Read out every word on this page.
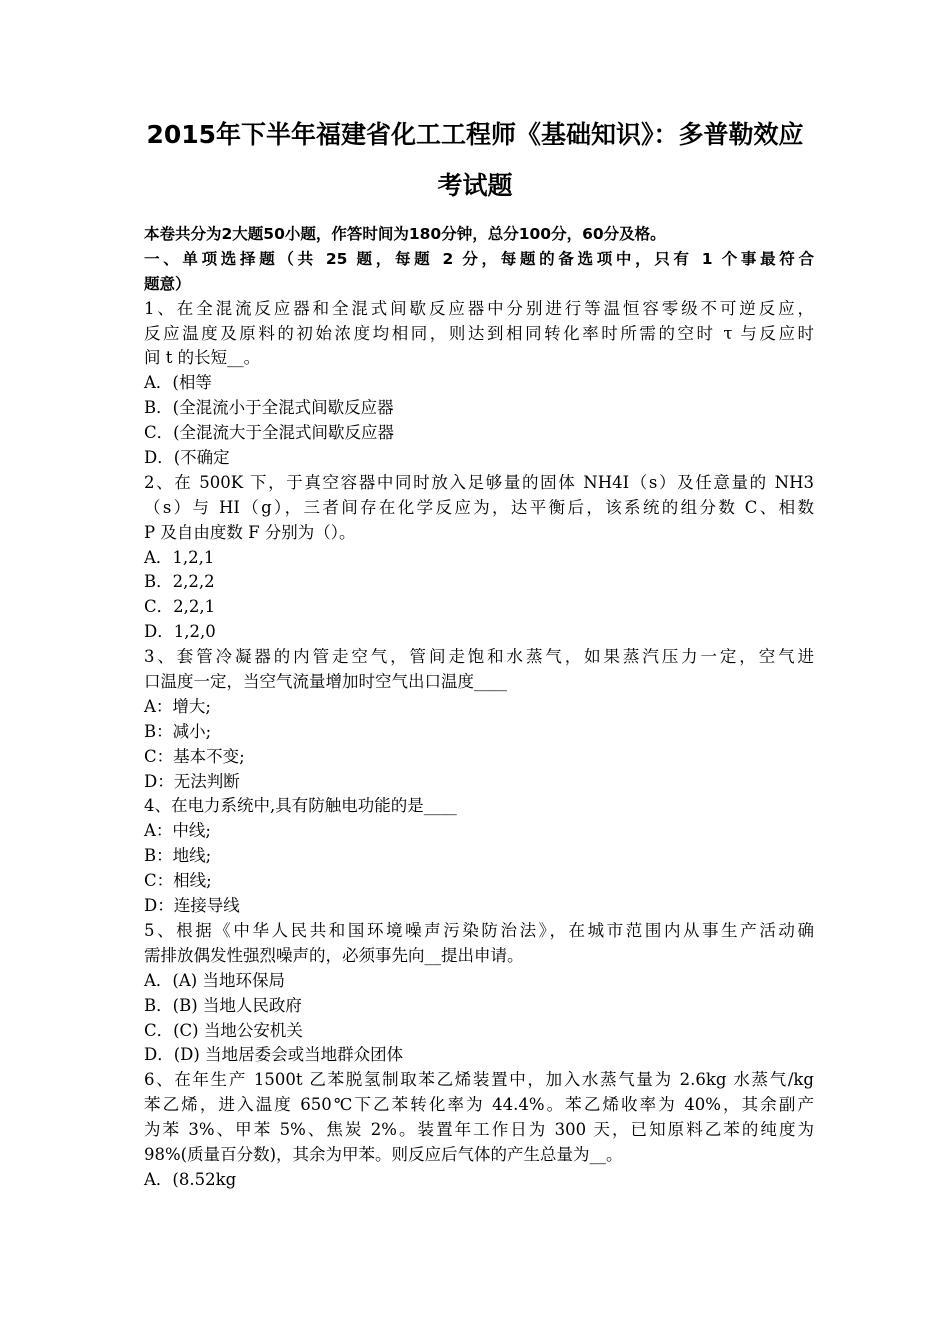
2015年下半年福建省化工工程师《基础知识》：多普勒效应
考试题
本卷共分为2大题50小题，作答时间为180分钟，总分100分，60分及格。
一、单项选择题（共 25 题，每题 2 分，每题的备选项中，只有 1 个事最符合
题意）
1、在全混流反应器和全混式间歇反应器中分别进行等温恒容零级不可逆反应，
反应温度及原料的初始浓度均相同，则达到相同转化率时所需的空时 τ 与反应时
间 t 的长短__。
A．(相等
B．(全混流小于全混式间歇反应器
C．(全混流大于全混式间歇反应器
D．(不确定
2、在 500K 下，于真空容器中同时放入足够量的固体 NH4I（s）及任意量的 NH3
（s）与 HI（g），三者间存在化学反应为，达平衡后，该系统的组分数 C、相数
P 及自由度数 F 分别为（）。
A．1,2,1
B．2,2,2
C．2,2,1
D．1,2,0
3、套管冷凝器的内管走空气，管间走饱和水蒸气，如果蒸汽压力一定，空气进
口温度一定，当空气流量增加时空气出口温度____
A：增大;
B：减小;
C：基本不变;
D：无法判断
4、在电力系统中,具有防触电功能的是____
A：中线;
B：地线;
C：相线;
D：连接导线
5、根据《中华人民共和国环境噪声污染防治法》，在城市范围内从事生产活动确
需排放偶发性强烈噪声的，必须事先向__提出申请。
A．(A) 当地环保局
B．(B) 当地人民政府
C．(C) 当地公安机关
D．(D) 当地居委会或当地群众团体
6、在年生产 1500t 乙苯脱氢制取苯乙烯装置中，加入水蒸气量为 2.6kg 水蒸气/kg
苯乙烯，进入温度 650℃下乙苯转化率为 44.4%。苯乙烯收率为 40%，其余副产
为苯 3%、甲苯 5%、焦炭 2%。装置年工作日为 300 天，已知原料乙苯的纯度为
98%(质量百分数)，其余为甲苯。则反应后气体的产生总量为__。
A．(8.52kg
